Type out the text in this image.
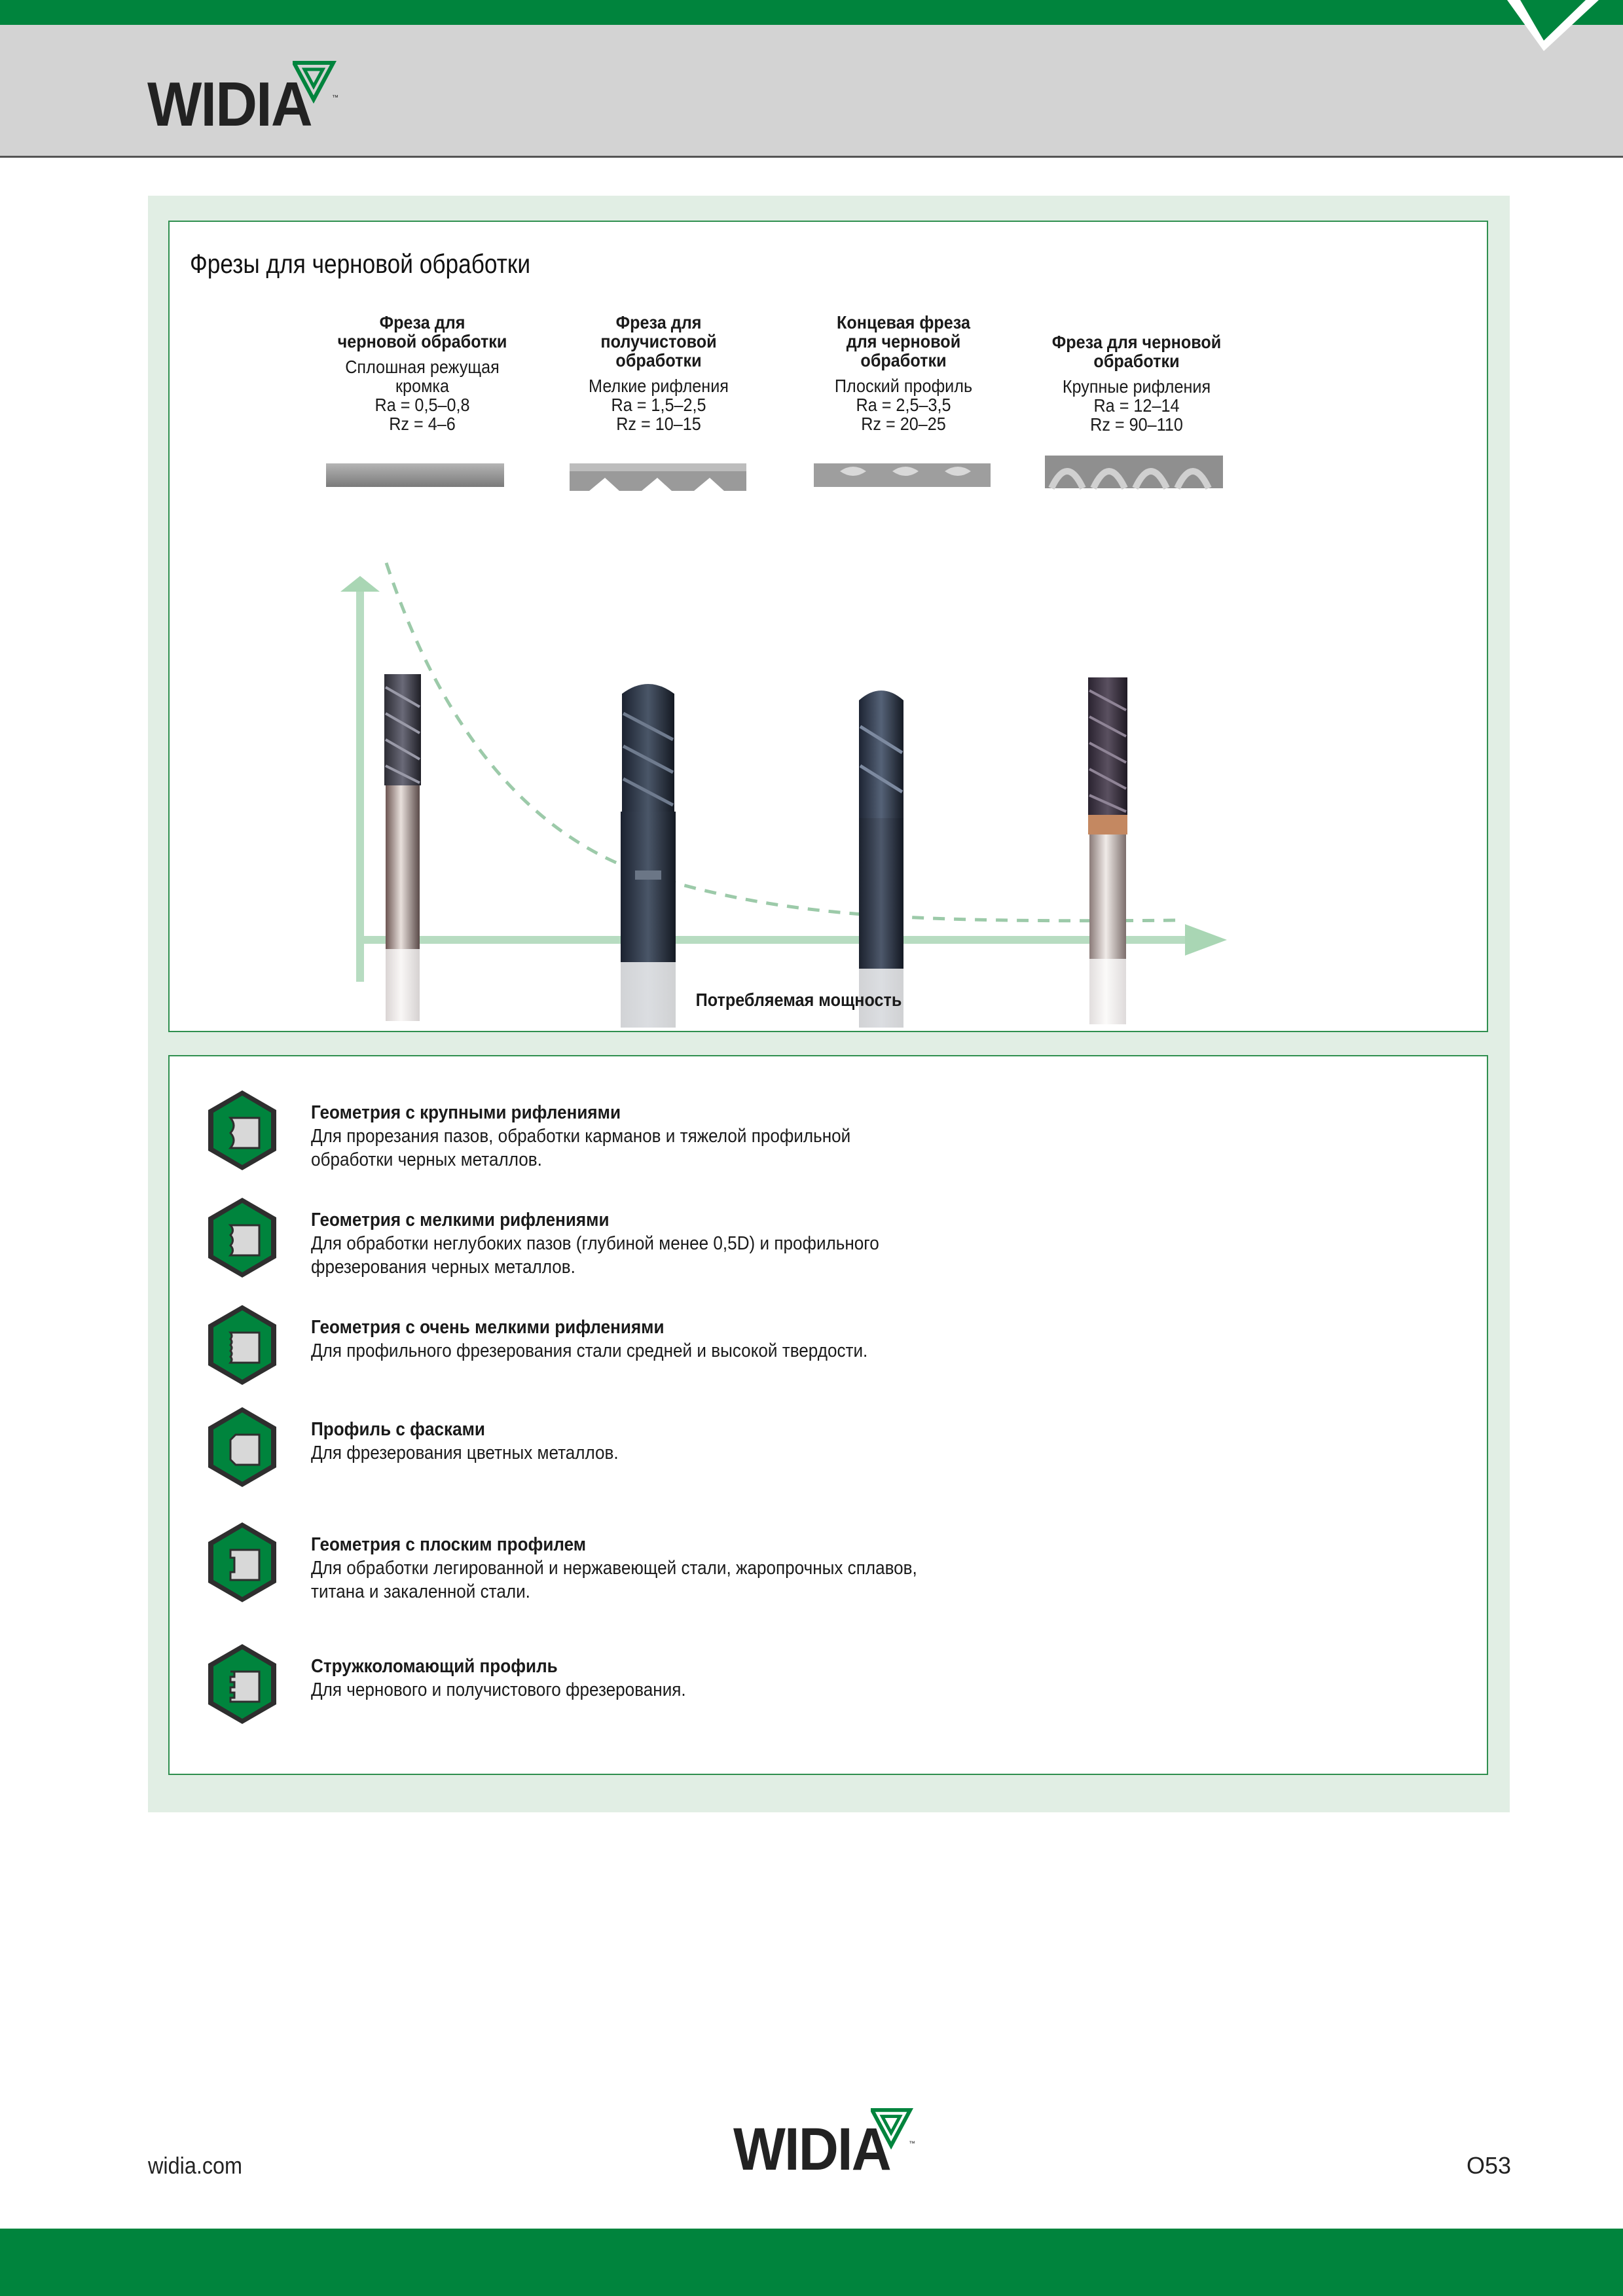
WIDIA	™
Фрезы для черновой обработки
Фреза для
черновой обработки
Сплошная режущая
кромка
Ra = 0,5–0,8
Rz = 4–6
Фреза для
получистовой
обработки
Мелкие рифления
Ra = 1,5–2,5
Rz = 10–15
Концевая фреза
для черновой
обработки
Плоский профиль
Ra = 2,5–3,5
Rz = 20–25
Фреза для черновой
обработки
Крупные рифления
Ra = 12–14
Rz = 90–110
Потребляемая мощность
Геометрия с крупными рифлениями
Для прорезания пазов, обработки карманов и тяжелой профильной
обработки черных металлов.
Геометрия с мелкими рифлениями
Для обработки неглубоких пазов (глубиной менее 0,5D) и профильного
фрезерования черных металлов.
Геометрия с очень мелкими рифлениями
Для профильного фрезерования стали средней и высокой твердости.
Профиль с фасками
Для фрезерования цветных металлов.
Геометрия с плоским профилем
Для обработки легированной и нержавеющей стали, жаропрочных сплавов,
титана и закаленной стали.
Стружколомающий профиль
Для чернового и получистового фрезерования.
widia.com	WIDIA	™
O53
